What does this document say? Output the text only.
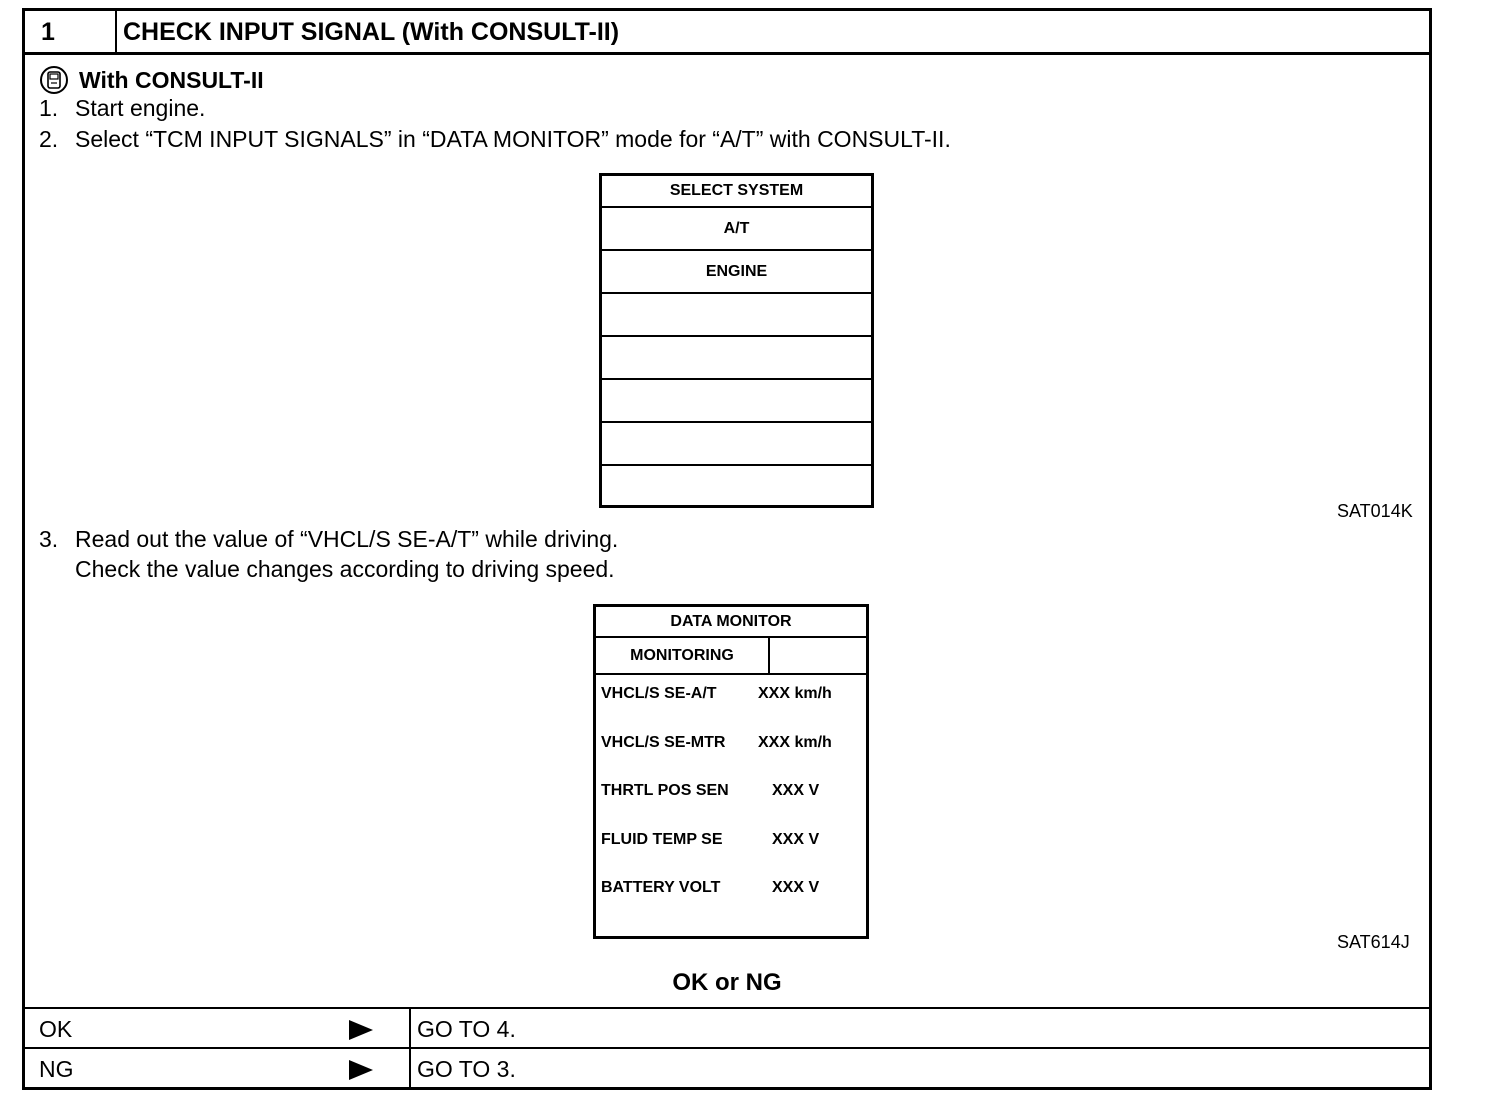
1	CHECK INPUT SIGNAL (With CONSULT-II)
With CONSULT-II
1. Start engine.
2. Select “TCM INPUT SIGNALS” in “DATA MONITOR” mode for “A/T” with CONSULT-II.
SELECT SYSTEM
A/T
ENGINE
SAT014K
3. Read out the value of “VHCL/S SE-A/T” while driving.
Check the value changes according to driving speed.
DATA MONITOR
MONITORING
VHCL/S SE-A/T	XXX km/h
VHCL/S SE-MTR XXX km/h
THRTL POS SEN	XXX V
FLUID TEMP SE	XXX V
BATTERY VOLT	XXX V
SAT614J
OK or NG
OK	GO TO 4.
NG	GO TO 3.
